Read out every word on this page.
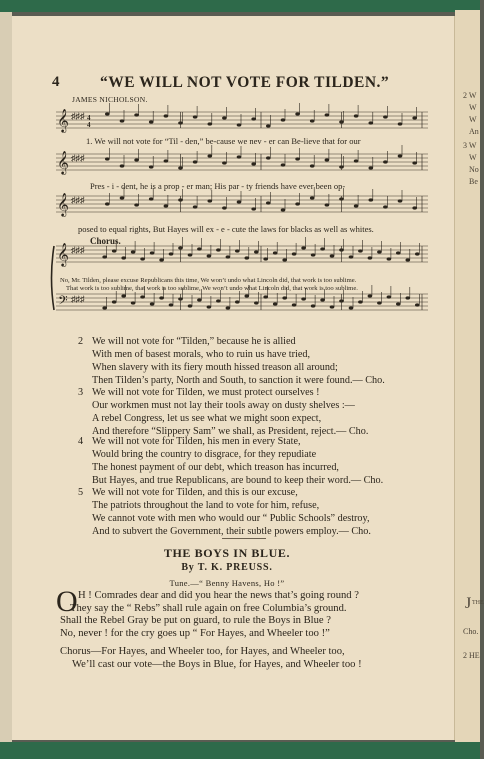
2 W
W
W
An
3 W
W
No
Be
J THE
Cho.
2 HE
4	“WE WILL NOT VOTE FOR TILDEN.”
JAMES NICHOLSON.
𝄞 ♯♯♯ 4
4
𝄞 ♯♯♯
𝄞 ♯♯♯
𝄞 ♯♯♯
𝄢 ♯♯♯
1. We will not vote for “Til - den,” be-cause we nev - er can Be-lieve that for our
Pres - i - dent, he is a prop - er man; His par - ty friends have ever been op-
posed to equal rights, But Hayes will ex - e - cute the laws for blacks as well as whites.
Chorus.
No, Mr. Tilden, please excuse Republicans this time, We won’t undo what Lincoln did, that work is too sublime.
That work is too sublime, that work is too sublime, We won’t undo what Lincoln did, that work is too sublime.
2 We will not vote for “Tilden,” because he is allied
With men of basest morals, who to ruin us have tried,
When slavery with its fiery mouth hissed treason all around;
Then Tilden’s party, North and South, to sanction it were found.— Cho.
3 We will not vote for Tilden, we must protect ourselves !
Our workmen must not lay their tools away on dusty shelves :—
A rebel Congress, let us see what we might soon expect,
And therefore “Slippery Sam” we shall, as President, reject.— Cho.
4 We will not vote for Tilden, his men in every State,
Would bring the country to disgrace, for they repudiate
The honest payment of our debt, which treason has incurred,
But Hayes, and true Republicans, are bound to keep their word.— Cho.
5 We will not vote for Tilden, and this is our excuse,
The patriots throughout the land to vote for him, refuse,
We cannot vote with men who would our “ Public Schools” destroy,
And to subvert the Government, their subtle powers employ.— Cho.
THE BOYS IN BLUE.
By T. K. PREUSS.
Tune.—“ Benny Havens, Ho !”
O H ! Comrades dear and did you hear the news that’s going round ?
They say the “ Rebs” shall rule again on free Columbia’s ground.
Shall the Rebel Gray be put on guard, to rule the Boys in Blue ?
No, never ! for the cry goes up “ For Hayes, and Wheeler too !”
Chorus—For Hayes, and Wheeler too, for Hayes, and Wheeler too,
We’ll cast our vote—the Boys in Blue, for Hayes, and Wheeler too !
